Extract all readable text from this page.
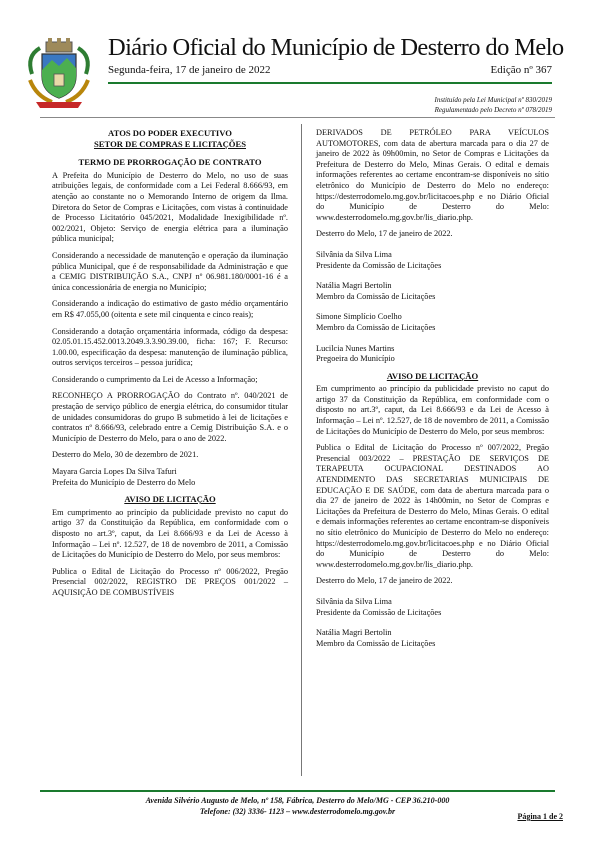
Diário Oficial do Município de Desterro do Melo
Segunda-feira, 17 de janeiro de 2022	Edição nº 367
Instituído pela Lei Municipal nº 830/2019
Regulamentado pelo Decreto nº 078/2019

ATOS DO PODER EXECUTIVO

SETOR DE COMPRAS E LICITAÇÕES

TERMO DE PRORROGAÇÃO DE CONTRATO

A Prefeita do Município de Desterro do Melo, no uso de suas atribuições legais, de conformidade com a Lei Federal 8.666/93, em atenção ao constante no o Memorando Interno de origem da Ilma. Diretora do Setor de Compras e Licitações, com vistas à continuidade de Processo Licitatório 045/2021, Modalidade Inexigibilidade nº. 002/2021, Objeto: Serviço de energia elétrica para a iluminação pública municipal;

Considerando a necessidade de manutenção e operação da iluminação pública Municipal, que é de responsabilidade da Administração e que a CEMIG DISTRIBUIÇÃO S.A., CNPJ nº 06.981.180/0001-16 é a única concessionária de energia no Município;

Considerando a indicação do estimativo de gasto médio orçamentário em R$ 47.055,00 (oitenta e sete mil cinquenta e cinco reais);

Considerando a dotação orçamentária informada, código da despesa: 02.05.01.15.452.0013.2049.3.3.90.39.00, ficha: 167; F. Recurso: 1.00.00, especificação da despesa: manutenção de iluminação pública, outros serviços terceiros – pessoa jurídica;

Considerando o cumprimento da Lei de Acesso a Informação;

RECONHEÇO A PRORROGAÇÃO do Contrato nº. 040/2021 de prestação de serviço público de energia elétrica, do consumidor titular de unidades consumidoras do grupo B submetido à lei de licitações e contratos nº 8.666/93, celebrado entre a Cemig Distribuição S.A. e o Município de Desterro do Melo, para o ano de 2022.

Desterro do Melo, 30 de dezembro de 2021.

Mayara Garcia Lopes Da Silva Tafuri

Prefeita do Município de Desterro do Melo

AVISO DE LICITAÇÃO

Em cumprimento ao princípio da publicidade previsto no caput do artigo 37 da Constituição da República, em conformidade com o disposto no art.3º, caput, da Lei 8.666/93 e da Lei de Acesso à Informação – Lei nº. 12.527, de 18 de novembro de 2011, a Comissão de Licitações do Município de Desterro do Melo, por seus membros:

Publica o Edital de Licitação do Processo nº 006/2022, Pregão Presencial 002/2022, REGISTRO DE PREÇOS 001/2022 – AQUISIÇÃO DE COMBUSTÍVEIS

DERIVADOS DE PETRÓLEO PARA VEÍCULOS AUTOMOTORES, com data de abertura marcada para o dia 27 de janeiro de 2022 às 09h00min, no Setor de Compras e Licitações da Prefeitura de Desterro do Melo, Minas Gerais. O edital e demais informações referentes ao certame encontram-se disponíveis no sítio eletrônico do Município de Desterro do Melo no endereço: https://desterrodomelo.mg.gov.br/licitacoes.php e no Diário Oficial do Município de Desterro do Melo: www.desterrodomelo.mg.gov.br/lis_diario.php.

Desterro do Melo, 17 de janeiro de 2022.

Silvânia da Silva Lima

Presidente da Comissão de Licitações

Natália Magri Bertolin

Membro da Comissão de Licitações

Simone Simplício Coelho

Membro da Comissão de Licitações

Lucilcia Nunes Martins

Pregoeira do Município

AVISO DE LICITAÇÃO

Em cumprimento ao princípio da publicidade previsto no caput do artigo 37 da Constituição da República, em conformidade com o disposto no art.3º, caput, da Lei 8.666/93 e da Lei de Acesso à Informação – Lei nº. 12.527, de 18 de novembro de 2011, a Comissão de Licitações do Município de Desterro do Melo, por seus membros:

Publica o Edital de Licitação do Processo nº 007/2022, Pregão Presencial 003/2022 – PRESTAÇÃO DE SERVIÇOS DE TERAPEUTA OCUPACIONAL DESTINADOS AO ATENDIMENTO DAS SECRETARIAS MUNICIPAIS DE EDUCAÇÃO E DE SAÚDE, com data de abertura marcada para o dia 27 de janeiro de 2022 às 14h00min, no Setor de Compras e Licitações da Prefeitura de Desterro do Melo, Minas Gerais. O edital e demais informações referentes ao certame encontram-se disponíveis no sítio eletrônico do Município de Desterro do Melo no endereço: https://desterrodomelo.mg.gov.br/licitacoes.php e no Diário Oficial do Município de Desterro do Melo: www.desterrodomelo.mg.gov.br/lis_diario.php.

Desterro do Melo, 17 de janeiro de 2022.

Silvânia da Silva Lima

Presidente da Comissão de Licitações

Natália Magri Bertolin

Membro da Comissão de Licitações

Avenida Silvério Augusto de Melo, nº 158, Fábrica, Desterro do Melo/MG - CEP 36.210-000
Telefone: (32) 3336- 1123 – www.desterrodomelo.mg.gov.br
Página 1 de 2
